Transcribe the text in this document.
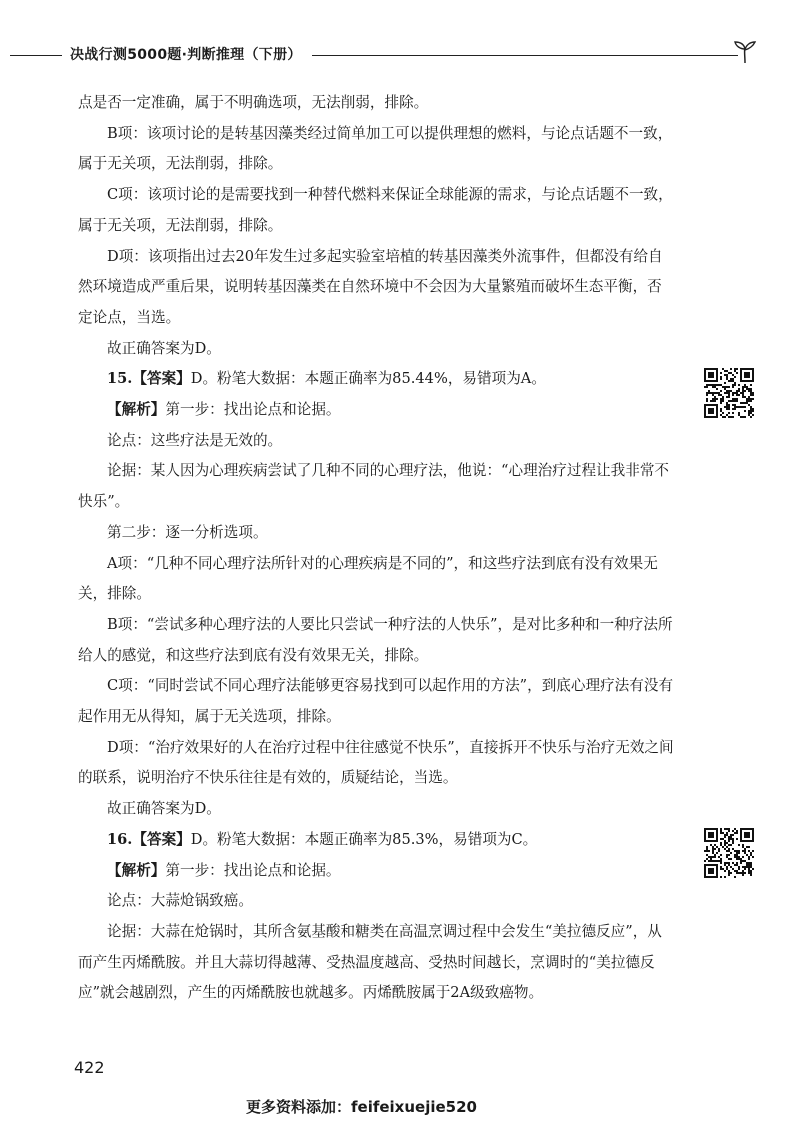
决战行测5000题·判断推理（下册）

点是否一定准确，属于不明确选项，无法削弱，排除。

B项：该项讨论的是转基因藻类经过简单加工可以提供理想的燃料，与论点话题不一致，属于无关项，无法削弱，排除。

C项：该项讨论的是需要找到一种替代燃料来保证全球能源的需求，与论点话题不一致，属于无关项，无法削弱，排除。

D项：该项指出过去20年发生过多起实验室培植的转基因藻类外流事件，但都没有给自然环境造成严重后果，说明转基因藻类在自然环境中不会因为大量繁殖而破坏生态平衡，否定论点，当选。

故正确答案为D。

15.【答案】D。粉笔大数据：本题正确率为85.44%，易错项为A。

【解析】第一步：找出论点和论据。

论点：这些疗法是无效的。

论据：某人因为心理疾病尝试了几种不同的心理疗法，他说：“心理治疗过程让我非常不快乐”。

第二步：逐一分析选项。

A项：“几种不同心理疗法所针对的心理疾病是不同的”，和这些疗法到底有没有效果无关，排除。

B项：“尝试多种心理疗法的人要比只尝试一种疗法的人快乐”，是对比多种和一种疗法所给人的感觉，和这些疗法到底有没有效果无关，排除。

C项：“同时尝试不同心理疗法能够更容易找到可以起作用的方法”，到底心理疗法有没有起作用无从得知，属于无关选项，排除。

D项：“治疗效果好的人在治疗过程中往往感觉不快乐”，直接拆开不快乐与治疗无效之间的联系，说明治疗不快乐往往是有效的，质疑结论，当选。

故正确答案为D。

16.【答案】D。粉笔大数据：本题正确率为85.3%，易错项为C。

【解析】第一步：找出论点和论据。

论点：大蒜炝锅致癌。

论据：大蒜在炝锅时，其所含氨基酸和糖类在高温烹调过程中会发生“美拉德反应”，从而产生丙烯酰胺。并且大蒜切得越薄、受热温度越高、受热时间越长，烹调时的“美拉德反应”就会越剧烈，产生的丙烯酰胺也就越多。丙烯酰胺属于2A级致癌物。

422
更多资料添加：feifeixuejie520
